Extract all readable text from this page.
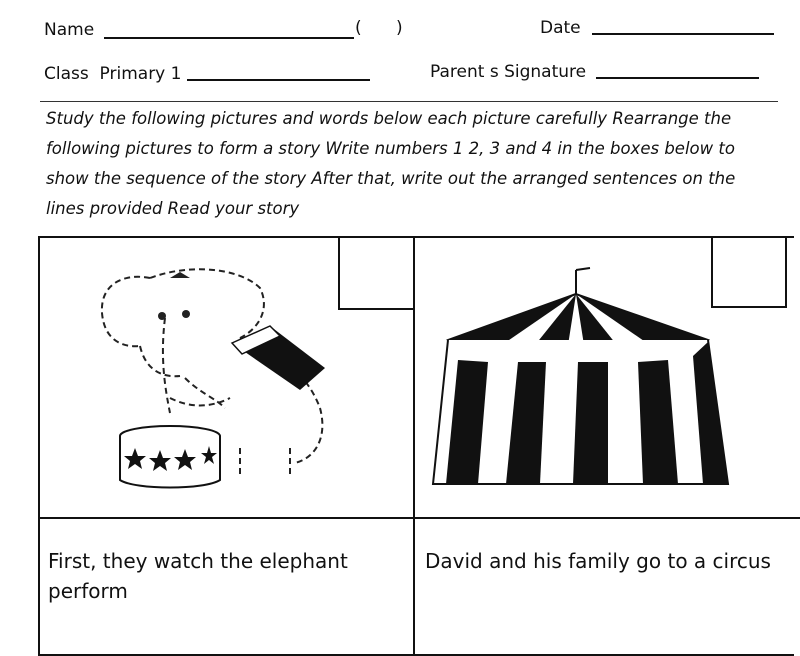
Name	( )	Date
Class Primary 1	Parent s Signature

Study the following pictures and words below each picture carefully Rearrange the

following pictures to form a story Write numbers 1 2, 3 and 4 in the boxes below to

show the sequence of the story After that, write out the arranged sentences on the

lines provided Read your story

First, they watch the elephant perform
David and his family go to a circus
